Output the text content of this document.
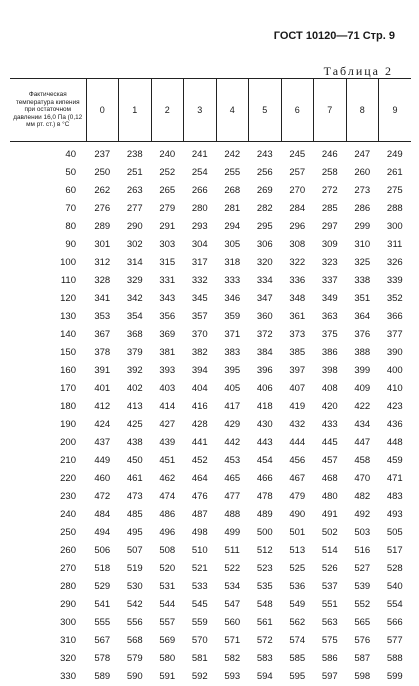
ГОСТ 10120—71 Стр. 9
Таблица 2
Фактическая температура кипения при остаточном давлении 16,0 Па (0,12 мм рт. ст.) в °С	0	1	2	3	4	5	6	7	8	9
40	237	238	240	241	242	243	245	246	247	249
50	250	251	252	254	255	256	257	258	260	261
60	262	263	265	266	268	269	270	272	273	275
70	276	277	279	280	281	282	284	285	286	288
80	289	290	291	293	294	295	296	297	299	300
90	301	302	303	304	305	306	308	309	310	311
100	312	314	315	317	318	320	322	323	325	326
110	328	329	331	332	333	334	336	337	338	339
120	341	342	343	345	346	347	348	349	351	352
130	353	354	356	357	359	360	361	363	364	366
140	367	368	369	370	371	372	373	375	376	377
150	378	379	381	382	383	384	385	386	388	390
160	391	392	393	394	395	396	397	398	399	400
170	401	402	403	404	405	406	407	408	409	410
180	412	413	414	416	417	418	419	420	422	423
190	424	425	427	428	429	430	432	433	434	436
200	437	438	439	441	442	443	444	445	447	448
210	449	450	451	452	453	454	456	457	458	459
220	460	461	462	464	465	466	467	468	470	471
230	472	473	474	476	477	478	479	480	482	483
240	484	485	486	487	488	489	490	491	492	493
250	494	495	496	498	499	500	501	502	503	505
260	506	507	508	510	511	512	513	514	516	517
270	518	519	520	521	522	523	525	526	527	528
280	529	530	531	533	534	535	536	537	539	540
290	541	542	544	545	547	548	549	551	552	554
300	555	556	557	559	560	561	562	563	565	566
310	567	568	569	570	571	572	574	575	576	577
320	578	579	580	581	582	583	585	586	587	588
330	589	590	591	592	593	594	595	597	598	599
